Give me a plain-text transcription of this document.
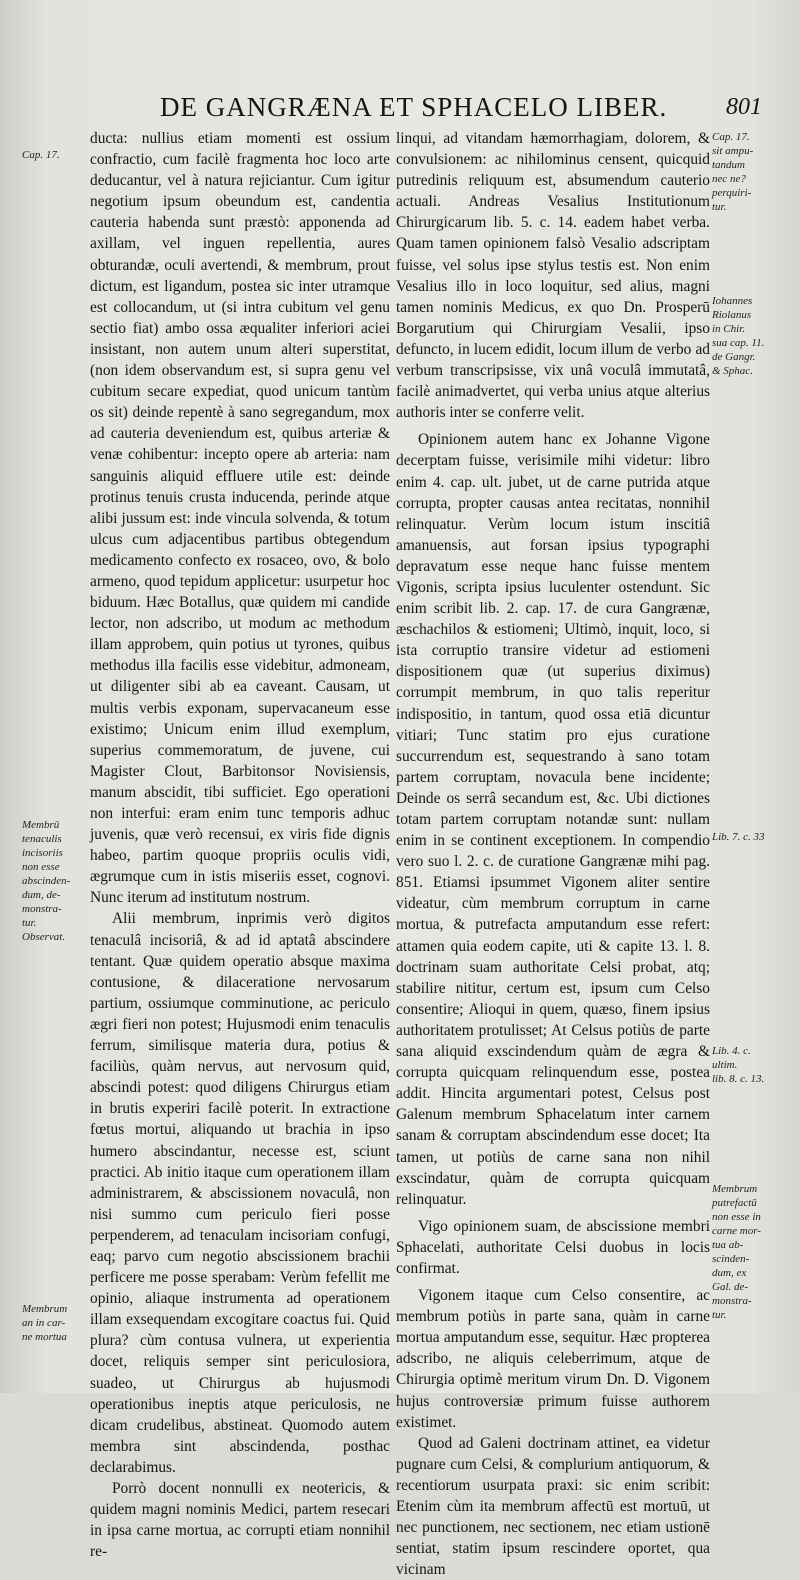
DE GANGRÆNA ET SPHACELO LIBER. 801
Cap. 17.
Membrū
tenaculis
incisoriis
non esse
abscinden-
dum, de-
monstra-
tur.
Observat.
Membrum
an in car-
ne mortua

ducta: nullius etiam momenti est ossium confractio, cum facilè fragmenta hoc loco arte deducantur, vel à natura rejiciantur. Cum igitur negotium ipsum obeundum est, candentia cauteria habenda sunt præstò: apponenda ad axillam, vel inguen repellentia, aures obturandæ, oculi avertendi, & membrum, prout dictum, est ligandum, postea sic inter utramque est collocandum, ut (si intra cubitum vel genu sectio fiat) ambo ossa æqualiter inferiori aciei insistant, non autem unum alteri superstitat, (non idem observandum est, si supra genu vel cubitum secare expediat, quod unicum tantùm os sit) deinde repentè à sano segregandum, mox ad cauteria deveniendum est, quibus arteriæ & venæ cohibentur: incepto opere ab arteria: nam sanguinis aliquid effluere utile est: deinde protinus tenuis crusta inducenda, perinde atque alibi jussum est: inde vincula solvenda, & totum ulcus cum adjacentibus partibus obtegendum medicamento confecto ex rosaceo, ovo, & bolo armeno, quod tepidum applicetur: usurpetur hoc biduum. Hæc Botallus, quæ quidem mi candide lector, non adscribo, ut modum ac methodum illam approbem, quin potius ut tyrones, quibus methodus illa facilis esse videbitur, admoneam, ut diligenter sibi ab ea caveant. Causam, ut multis verbis exponam, supervacaneum esse existimo; Unicum enim illud exemplum, superius commemoratum, de juvene, cui Magister Clout, Barbitonsor Novisiensis, manum abscidit, tibi sufficiet. Ego operationi non interfui: eram enim tunc temporis adhuc juvenis, quæ verò recensui, ex viris fide dignis habeo, partim quoque propriis oculis vidi, ægrumque cum in istis miseriis esset, cognovi. Nunc iterum ad institutum nostrum.

Alii membrum, inprimis verò digitos tenaculâ incisoriâ, & ad id aptatâ abscindere tentant. Quæ quidem operatio absque maxima contusione, & dilaceratione nervosarum partium, ossiumque comminutione, ac periculo ægri fieri non potest; Hujusmodi enim tenaculis ferrum, similisque materia dura, potius & faciliùs, quàm nervus, aut nervosum quid, abscindi potest: quod diligens Chirurgus etiam in brutis experiri facilè poterit. In extractione fœtus mortui, aliquando ut brachia in ipso humero abscindantur, necesse est, sciunt practici. Ab initio itaque cum operationem illam administrarem, & abscissionem novaculâ, non nisi summo cum periculo fieri posse perpenderem, ad tenaculam incisoriam confugi, eaq; parvo cum negotio abscissionem brachii perficere me posse sperabam: Verùm fefellit me opinio, aliaque instrumenta ad operationem illam exsequendam excogitare coactus fui. Quid plura? cùm contusa vulnera, ut experientia docet, reliquis semper sint periculosiora, suadeo, ut Chirurgus ab hujusmodi operationibus ineptis atque periculosis, ne dicam crudelibus, abstineat. Quomodo autem membra sint abscindenda, posthac declarabimus.

Porrò docent nonnulli ex neotericis, & quidem magni nominis Medici, partem resecari in ipsa carne mortua, ac corrupti etiam nonnihil re-

linqui, ad vitandam hæmorrhagiam, dolorem, & convulsionem: ac nihilominus censent, quicquid putredinis reliquum est, absumendum cauterio actuali. Andreas Vesalius Institutionum Chirurgicarum lib. 5. c. 14. eadem habet verba. Quam tamen opinionem falsò Vesalio adscriptam fuisse, vel solus ipse stylus testis est. Non enim Vesalius illo in loco loquitur, sed alius, magni tamen nominis Medicus, ex quo Dn. Prosperū Borgarutium qui Chirurgiam Vesalii, ipso defuncto, in lucem edidit, locum illum de verbo ad verbum transcripsisse, vix unâ voculâ immutatâ, facilè animadvertet, qui verba unius atque alterius authoris inter se conferre velit.

Opinionem autem hanc ex Johanne Vigone decerptam fuisse, verisimile mihi videtur: libro enim 4. cap. ult. jubet, ut de carne putrida atque corrupta, propter causas antea recitatas, nonnihil relinquatur. Verùm locum istum inscitiâ amanuensis, aut forsan ipsius typographi depravatum esse neque hanc fuisse mentem Vigonis, scripta ipsius luculenter ostendunt. Sic enim scribit lib. 2. cap. 17. de cura Gangrænæ, æschachilos & estiomeni; Ultimò, inquit, loco, si ista corruptio transire videtur ad estiomeni dispositionem quæ (ut superius diximus) corrumpit membrum, in quo talis reperitur indispositio, in tantum, quod ossa etiā dicuntur vitiari; Tunc statim pro ejus curatione succurrendum est, sequestrando à sano totam partem corruptam, novacula bene incidente; Deinde os serrâ secandum est, &c. Ubi dictiones totam partem corruptam notandæ sunt: nullam enim in se continent exceptionem. In compendio vero suo l. 2. c. de curatione Gangrænæ mihi pag. 851. Etiamsi ipsummet Vigonem aliter sentire videatur, cùm membrum corruptum in carne mortua, & putrefacta amputandum esse refert: attamen quia eodem capite, uti & capite 13. l. 8. doctrinam suam authoritate Celsi probat, atq; stabilire nititur, certum est, ipsum cum Celso consentire; Alioqui in quem, quæso, finem ipsius authoritatem protulisset; At Celsus potiùs de parte sana aliquid exscindendum quàm de ægra & corrupta quicquam relinquendum esse, postea addit. Hincita argumentari potest, Celsus post Galenum membrum Sphacelatum inter carnem sanam & corruptam abscindendum esse docet; Ita tamen, ut potiùs de carne sana non nihil exscindatur, quàm de corrupta quicquam relinquatur.

Vigo opinionem suam, de abscissione membri Sphacelati, authoritate Celsi duobus in locis confirmat.

Vigonem itaque cum Celso consentire, ac membrum potiùs in parte sana, quàm in carne mortua amputandum esse, sequitur. Hæc propterea adscribo, ne aliquis celeberrimum, atque de Chirurgia optimè meritum virum Dn. D. Vigonem hujus controversiæ primum fuisse authorem existimet.

Quod ad Galeni doctrinam attinet, ea videtur pugnare cum Celsi, & complurium antiquorum, & recentiorum usurpata praxi: sic enim scribit: Etenim cùm ita membrum affectū est mortuū, ut nec punctionem, nec sectionem, nec etiam ustionē sentiat, statim ipsum rescindere oportet, qua vicinam

Cap. 17.
sit ampu-
tandum
nec ne?
perquiri-
tur.
Iohannes
Riolanus
in Chir.
sua cap. 11.
de Gangr.
& Sphac.
Lib. 7. c. 33
Lib. 4. c.
ultim.
lib. 8. c. 13.
Membrum
putrefactū
non esse in
carne mor-
tua ab-
scinden-
dum, ex
Gal. de-
monstra-
tur.
